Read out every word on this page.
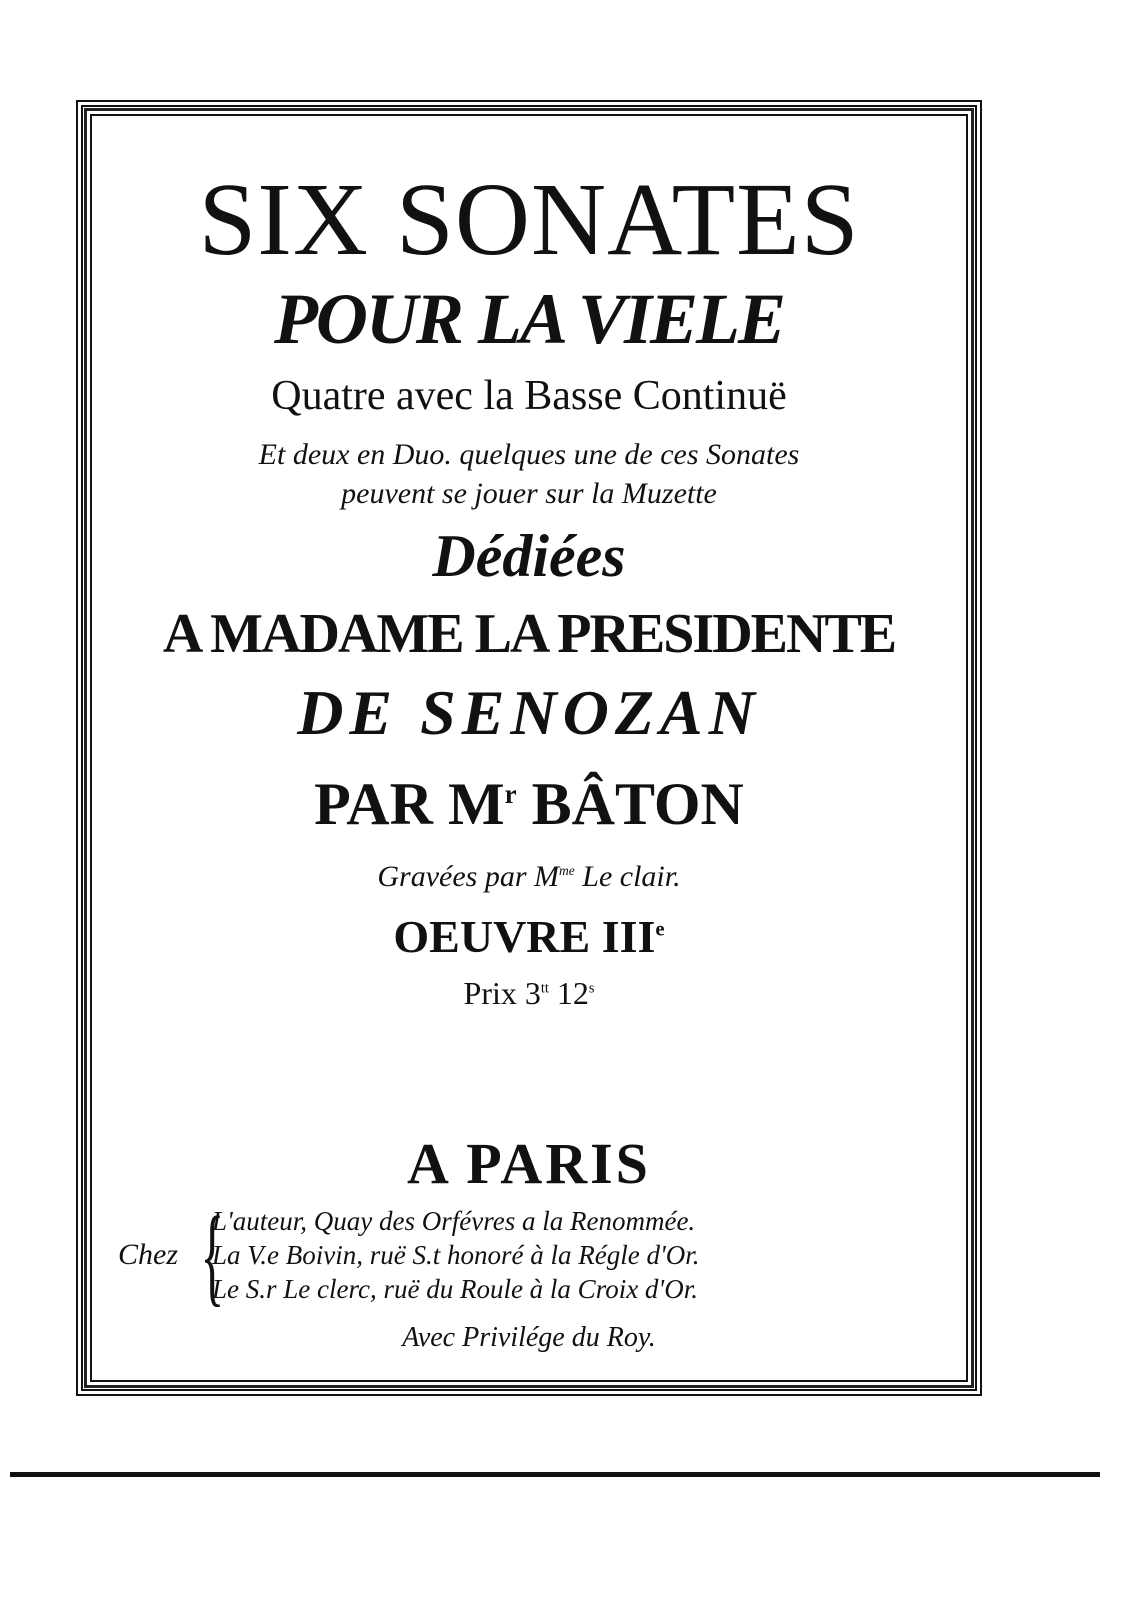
SIX SONATES
POUR LA VIELE
Quatre avec la Basse Continuë
Et deux en Duo. quelques une de ces Sonates
peuvent se jouer sur la Muzette
Dédiées
A MADAME LA PRESIDENTE
DE SENOZAN
PAR $M^r$ BÂTON
Gravées par $M^{me}$ Le clair.
OEUVRE IIIe
Prix $3^{tt}$ 12$^s$
A PARIS
Chez {
L'auteur, Quay des Orfévres a la Renommée.
La V.e Boivin, ruë S.t honoré à la Régle d'Or.
Le S.r Le clerc, ruë du Roule à la Croix d'Or.
Avec Privilége du Roy.
